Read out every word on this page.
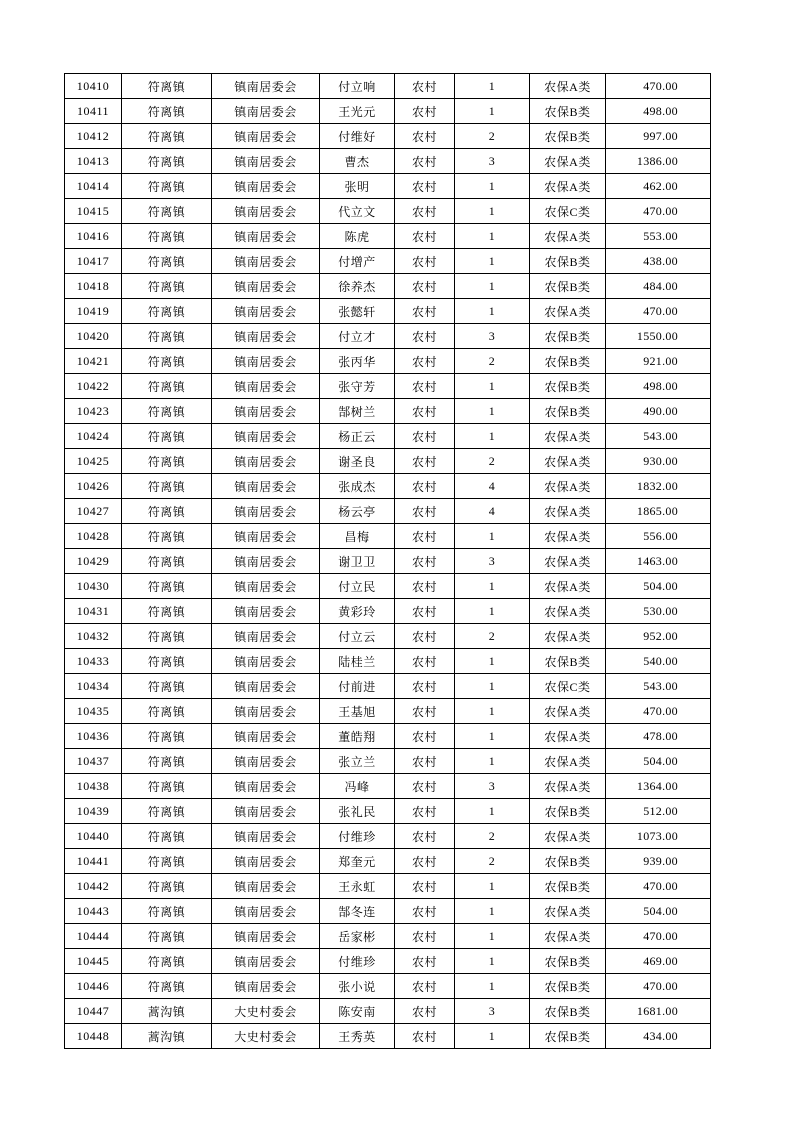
10410	符离镇	镇南居委会	付立响	农村	1	农保A类	470.00
10411	符离镇	镇南居委会	王光元	农村	1	农保B类	498.00
10412	符离镇	镇南居委会	付维好	农村	2	农保B类	997.00
10413	符离镇	镇南居委会	曹杰	农村	3	农保A类	1386.00
10414	符离镇	镇南居委会	张明	农村	1	农保A类	462.00
10415	符离镇	镇南居委会	代立文	农村	1	农保C类	470.00
10416	符离镇	镇南居委会	陈虎	农村	1	农保A类	553.00
10417	符离镇	镇南居委会	付增产	农村	1	农保B类	438.00
10418	符离镇	镇南居委会	徐养杰	农村	1	农保B类	484.00
10419	符离镇	镇南居委会	张懿轩	农村	1	农保A类	470.00
10420	符离镇	镇南居委会	付立才	农村	3	农保B类	1550.00
10421	符离镇	镇南居委会	张丙华	农村	2	农保B类	921.00
10422	符离镇	镇南居委会	张守芳	农村	1	农保B类	498.00
10423	符离镇	镇南居委会	郜树兰	农村	1	农保B类	490.00
10424	符离镇	镇南居委会	杨正云	农村	1	农保A类	543.00
10425	符离镇	镇南居委会	谢圣良	农村	2	农保A类	930.00
10426	符离镇	镇南居委会	张成杰	农村	4	农保A类	1832.00
10427	符离镇	镇南居委会	杨云亭	农村	4	农保A类	1865.00
10428	符离镇	镇南居委会	昌梅	农村	1	农保A类	556.00
10429	符离镇	镇南居委会	谢卫卫	农村	3	农保A类	1463.00
10430	符离镇	镇南居委会	付立民	农村	1	农保A类	504.00
10431	符离镇	镇南居委会	黄彩玲	农村	1	农保A类	530.00
10432	符离镇	镇南居委会	付立云	农村	2	农保A类	952.00
10433	符离镇	镇南居委会	陆桂兰	农村	1	农保B类	540.00
10434	符离镇	镇南居委会	付前进	农村	1	农保C类	543.00
10435	符离镇	镇南居委会	王基旭	农村	1	农保A类	470.00
10436	符离镇	镇南居委会	董皓翔	农村	1	农保A类	478.00
10437	符离镇	镇南居委会	张立兰	农村	1	农保A类	504.00
10438	符离镇	镇南居委会	冯峰	农村	3	农保A类	1364.00
10439	符离镇	镇南居委会	张礼民	农村	1	农保B类	512.00
10440	符离镇	镇南居委会	付维珍	农村	2	农保A类	1073.00
10441	符离镇	镇南居委会	郑奎元	农村	2	农保B类	939.00
10442	符离镇	镇南居委会	王永虹	农村	1	农保B类	470.00
10443	符离镇	镇南居委会	郜冬连	农村	1	农保A类	504.00
10444	符离镇	镇南居委会	岳家彬	农村	1	农保A类	470.00
10445	符离镇	镇南居委会	付维珍	农村	1	农保B类	469.00
10446	符离镇	镇南居委会	张小说	农村	1	农保B类	470.00
10447	蒿沟镇	大史村委会	陈安南	农村	3	农保B类	1681.00
10448	蒿沟镇	大史村委会	王秀英	农村	1	农保B类	434.00
